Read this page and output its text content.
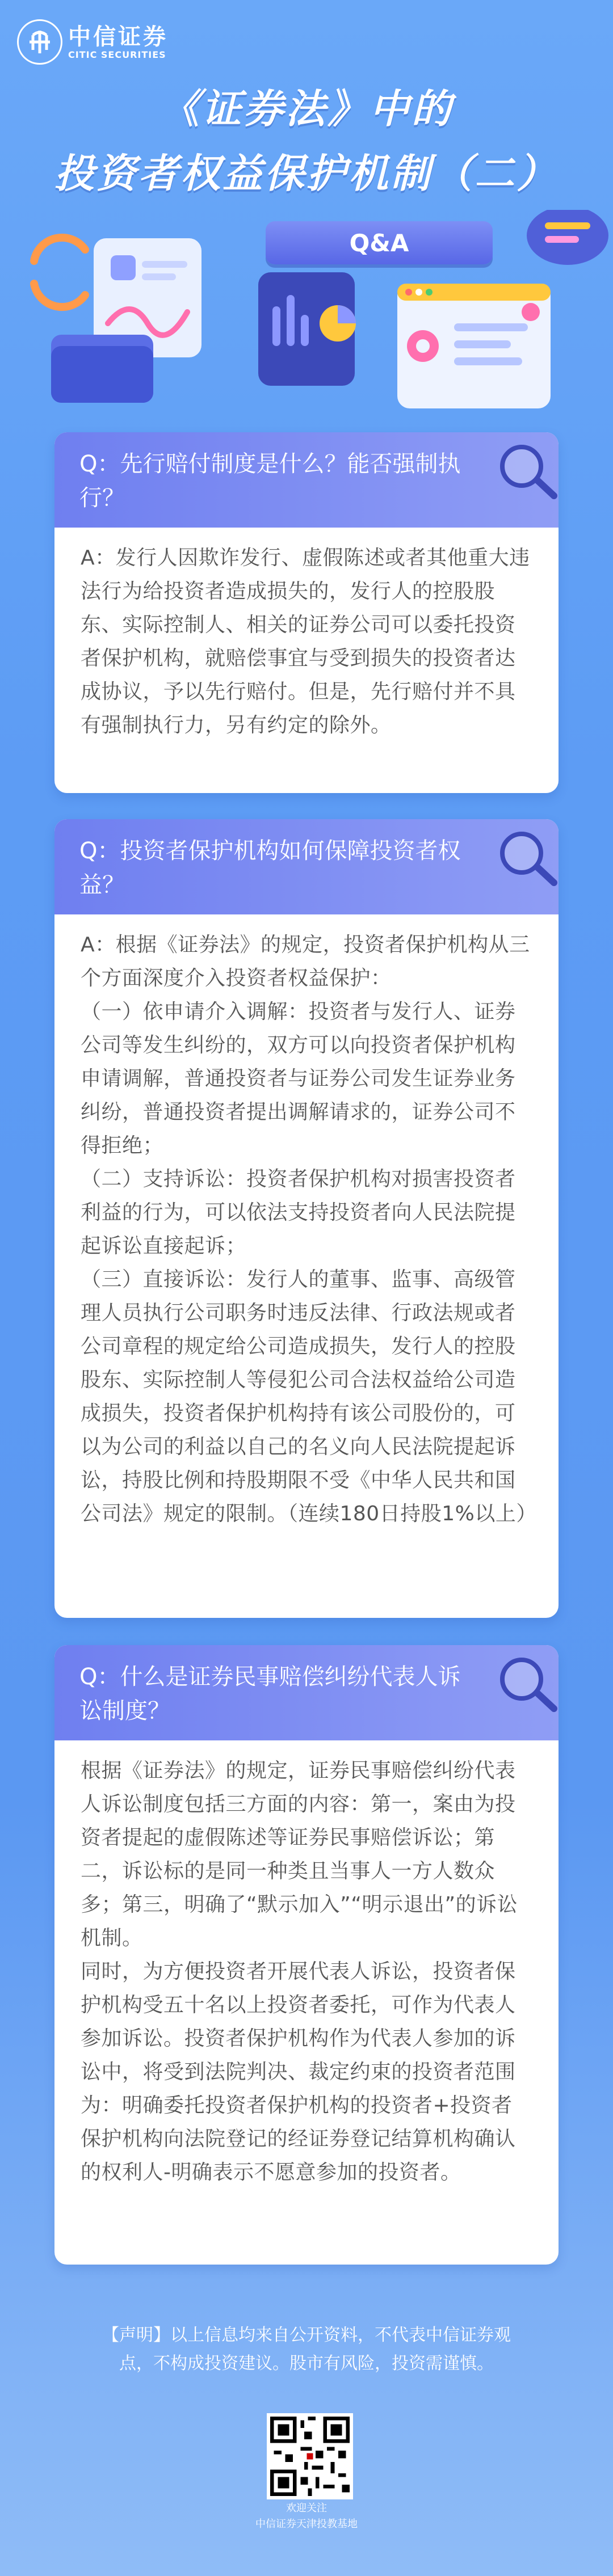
中信证券
CITIC SECURITIES
《证券法》中的
投资者权益保护机制（二）
Q&A
Q：先行赔付制度是什么？能否强制执行？

A：发行人因欺诈发行、虚假陈述或者其他重大违法行为给投资者造成损失的，发行人的控股股东、实际控制人、相关的证券公司可以委托投资者保护机构，就赔偿事宜与受到损失的投资者达成协议，予以先行赔付。但是，先行赔付并不具有强制执行力，另有约定的除外。

Q：投资者保护机构如何保障投资者权益？

A：根据《证券法》的规定，投资者保护机构从三个方面深度介入投资者权益保护：

（一）依申请介入调解：投资者与发行人、证券公司等发生纠纷的，双方可以向投资者保护机构申请调解，普通投资者与证券公司发生证券业务纠纷，普通投资者提出调解请求的，证券公司不得拒绝；

（二）支持诉讼：投资者保护机构对损害投资者利益的行为，可以依法支持投资者向人民法院提起诉讼直接起诉；

（三）直接诉讼：发行人的董事、监事、高级管理人员执行公司职务时违反法律、行政法规或者公司章程的规定给公司造成损失，发行人的控股股东、实际控制人等侵犯公司合法权益给公司造成损失，投资者保护机构持有该公司股份的，可以为公司的利益以自己的名义向人民法院提起诉讼，持股比例和持股期限不受《中华人民共和国公司法》规定的限制。（连续180日持股1%以上）

Q：什么是证券民事赔偿纠纷代表人诉讼制度？

根据《证券法》的规定，证券民事赔偿纠纷代表人诉讼制度包括三方面的内容：第一，案由为投资者提起的虚假陈述等证券民事赔偿诉讼；第二，诉讼标的是同一种类且当事人一方人数众多；第三，明确了“默示加入”“明示退出”的诉讼机制。

同时，为方便投资者开展代表人诉讼，投资者保护机构受五十名以上投资者委托，可作为代表人参加诉讼。投资者保护机构作为代表人参加的诉讼中，将受到法院判决、裁定约束的投资者范围为：明确委托投资者保护机构的投资者+投资者保护机构向法院登记的经证券登记结算机构确认的权利人-明确表示不愿意参加的投资者。

【声明】以上信息均来自公开资料，不代表中信证券观点，不构成投资建议。股市有风险，投资需谨慎。
欢迎关注
中信证券天津投教基地
